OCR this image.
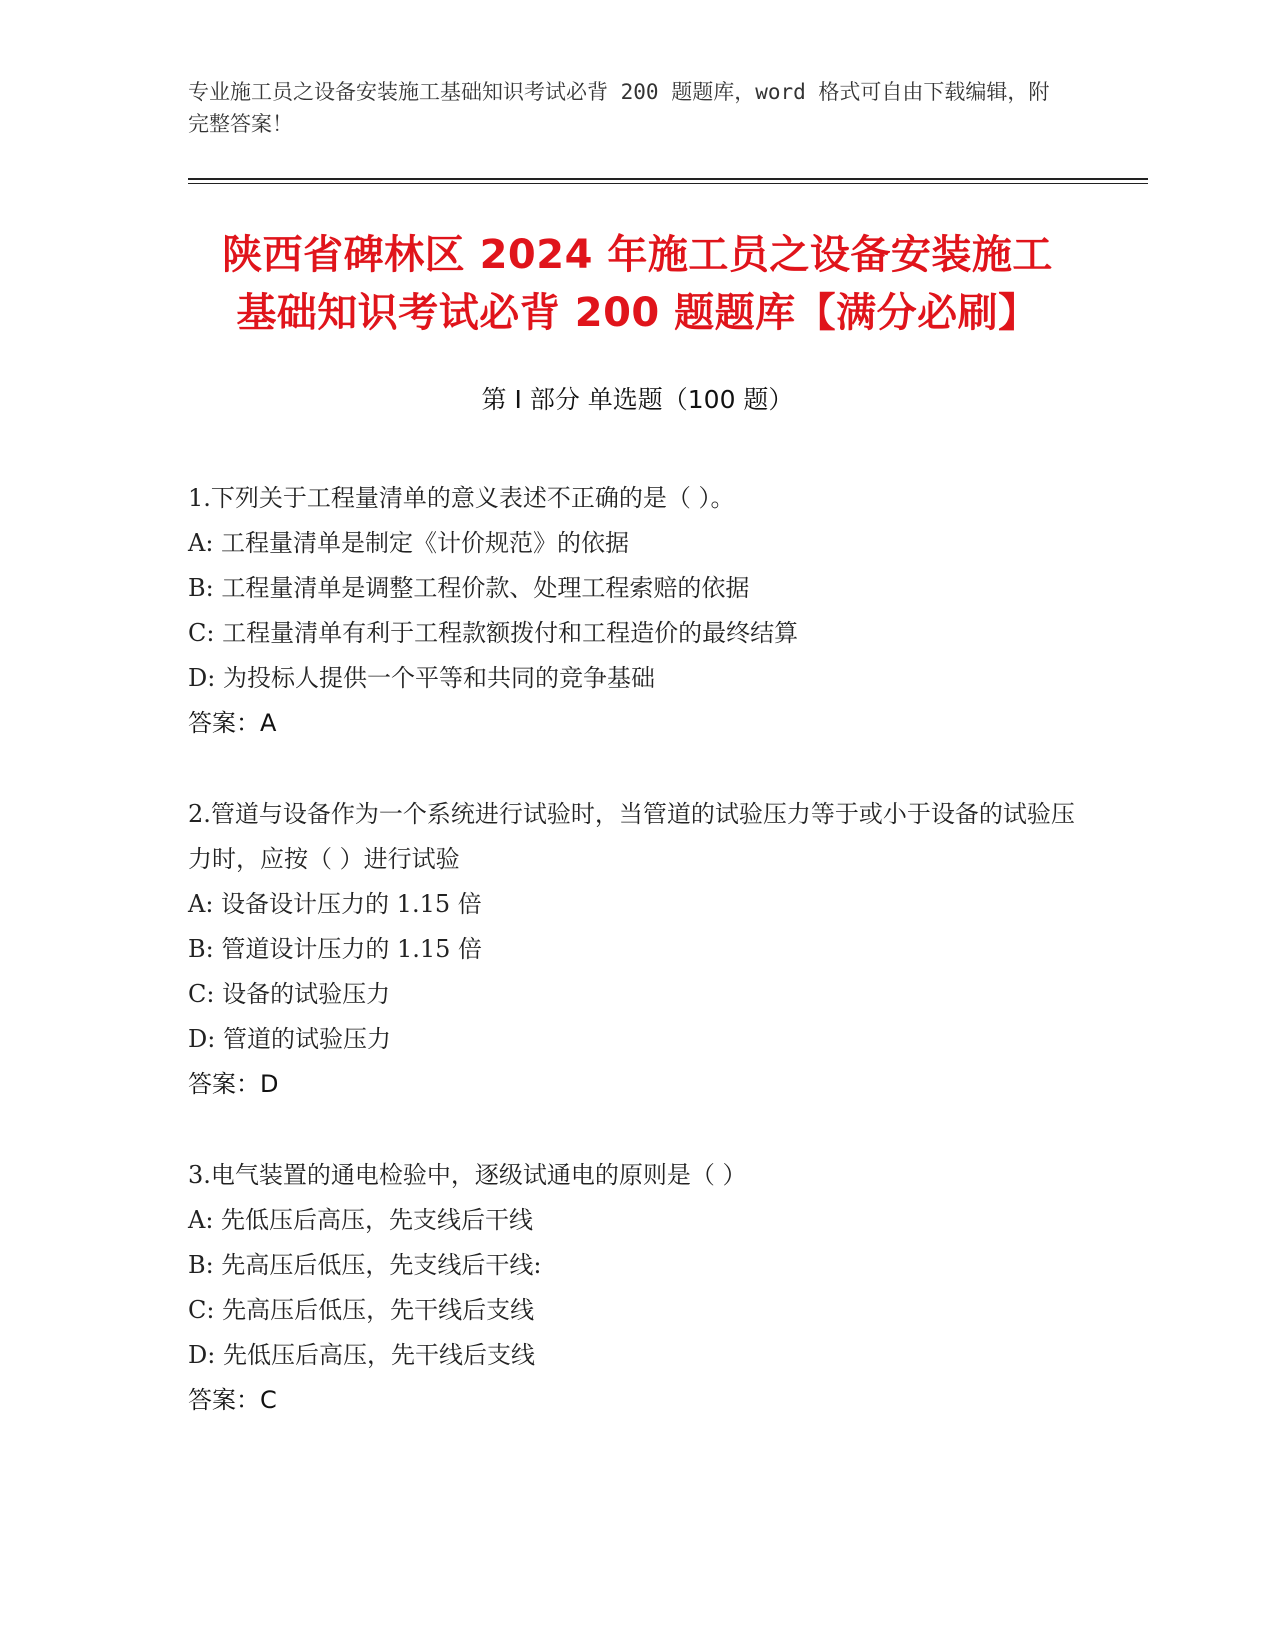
专业施工员之设备安装施工基础知识考试必背 200 题题库，word 格式可自由下载编辑，附完整答案！
陕西省碑林区 2024 年施工员之设备安装施工
基础知识考试必背 200 题题库【满分必刷】
第 I 部分 单选题（100 题）
1.下列关于工程量清单的意义表述不正确的是（ ）。
A: 工程量清单是制定《计价规范》的依据
B: 工程量清单是调整工程价款、处理工程索赔的依据
C: 工程量清单有利于工程款额拨付和工程造价的最终结算
D: 为投标人提供一个平等和共同的竞争基础
答案：A
2.管道与设备作为一个系统进行试验时，当管道的试验压力等于或小于设备的试验压力时，应按（ ）进行试验
A: 设备设计压力的 1.15 倍
B: 管道设计压力的 1.15 倍
C: 设备的试验压力
D: 管道的试验压力
答案：D
3.电气装置的通电检验中，逐级试通电的原则是（ ）
A: 先低压后高压，先支线后干线
B: 先高压后低压，先支线后干线:
C: 先高压后低压，先干线后支线
D: 先低压后高压，先干线后支线
答案：C
